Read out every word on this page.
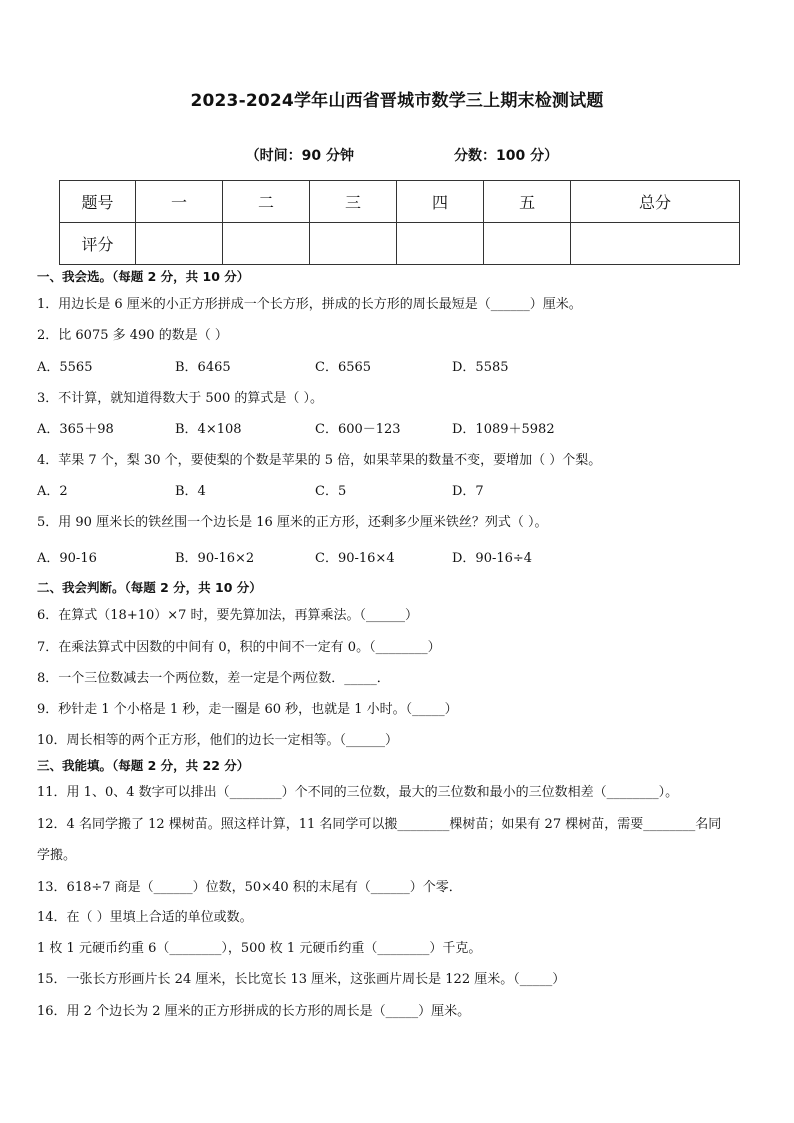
2023-2024学年山西省晋城市数学三上期末检测试题

（时间：90 分钟	分数：100 分）

题号	一	二	三	四	五	总分
评分						
一、我会选。（每题 2 分，共 10 分）
1．用边长是 6 厘米的小正方形拼成一个长方形，拼成的长方形的周长最短是（______）厘米。
2．比 6075 多 490 的数是（ ）
A．5565	B．6465	C．6565	D．5585
3．不计算，就知道得数大于 500 的算式是（ ）。
A．365＋98	B．4×108	C．600－123	D．1089＋5982
4．苹果 7 个，梨 30 个，要使梨的个数是苹果的 5 倍，如果苹果的数量不变，要增加（ ）个梨。
A．2	B．4	C．5	D．7
5．用 90 厘米长的铁丝围一个边长是 16 厘米的正方形，还剩多少厘米铁丝？列式（ ）。
A．90-16	B．90-16×2	C．90-16×4	D．90-16÷4
二、我会判断。（每题 2 分，共 10 分）
6．在算式（18+10）×7 时，要先算加法，再算乘法。（______）
7．在乘法算式中因数的中间有 0，积的中间不一定有 0。（________）
8．一个三位数减去一个两位数，差一定是个两位数．_____．
9．秒针走 1 个小格是 1 秒，走一圈是 60 秒，也就是 1 小时。（_____）
10．周长相等的两个正方形，他们的边长一定相等。（______）
三、我能填。（每题 2 分，共 22 分）
11．用 1、0、4 数字可以排出（________）个不同的三位数，最大的三位数和最小的三位数相差（________）。
12．4 名同学搬了 12 棵树苗。照这样计算，11 名同学可以搬________棵树苗；如果有 27 棵树苗，需要________名同
学搬。
13．618÷7 商是（______）位数，50×40 积的末尾有（______）个零．
14．在（ ）里填上合适的单位或数。
1 枚 1 元硬币约重 6（________），500 枚 1 元硬币约重（________）千克。
15．一张长方形画片长 24 厘米，长比宽长 13 厘米，这张画片周长是 122 厘米。（_____）
16．用 2 个边长为 2 厘米的正方形拼成的长方形的周长是（_____）厘米。
